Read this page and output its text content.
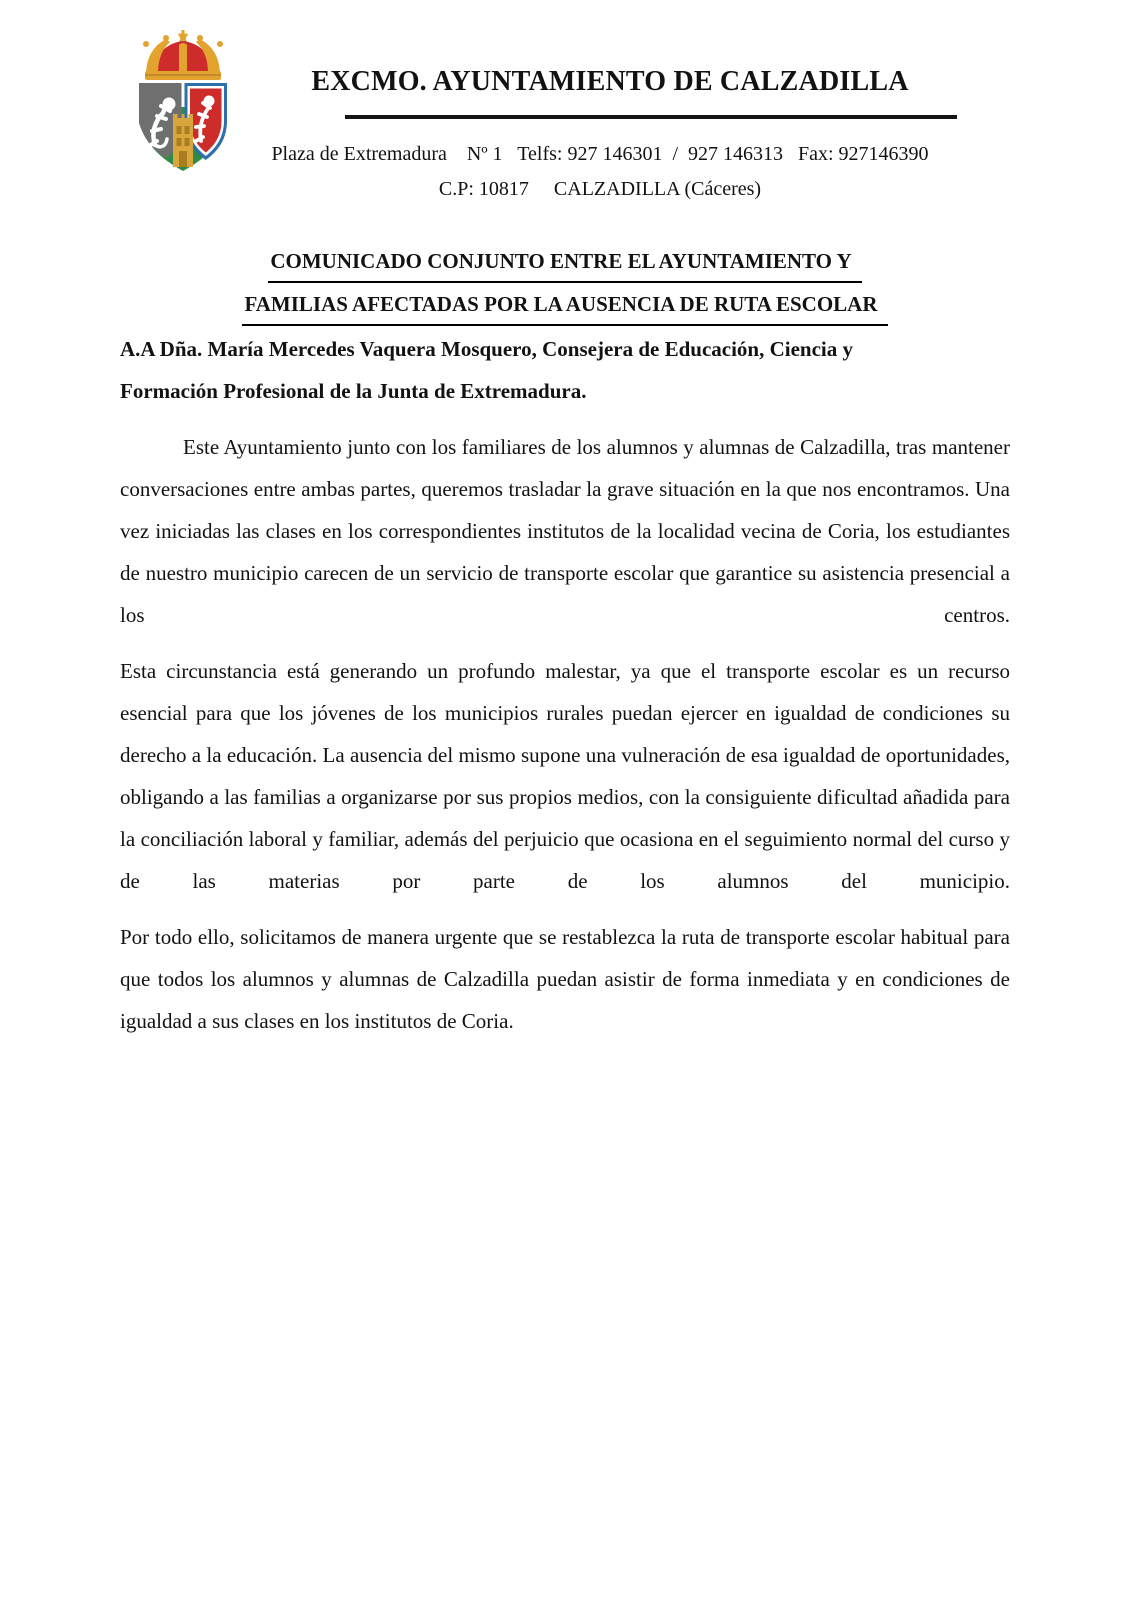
EXCMO. AYUNTAMIENTO DE CALZADILLA
Plaza de Extremadura    Nº 1   Telfs: 927 146301  /  927 146313   Fax: 927146390
C.P: 10817     CALZADILLA (Cáceres)
COMUNICADO CONJUNTO ENTRE EL AYUNTAMIENTO Y
FAMILIAS AFECTADAS POR LA AUSENCIA DE RUTA ESCOLAR
A.A Dña. María Mercedes Vaquera Mosquero, Consejera de Educación, Ciencia y Formación Profesional de la Junta de Extremadura.

Este Ayuntamiento junto con los familiares de los alumnos y alumnas de Calzadilla, tras mantener conversaciones entre ambas partes, queremos trasladar la grave situación en la que nos encontramos. Una vez iniciadas las clases en los correspondientes institutos de la localidad vecina de Coria, los estudiantes de nuestro municipio carecen de un servicio de transporte escolar que garantice su asistencia presencial a los centros.

Esta circunstancia está generando un profundo malestar, ya que el transporte escolar es un recurso esencial para que los jóvenes de los municipios rurales puedan ejercer en igualdad de condiciones su derecho a la educación. La ausencia del mismo supone una vulneración de esa igualdad de oportunidades, obligando a las familias a organizarse por sus propios medios, con la consiguiente dificultad añadida para la conciliación laboral y familiar, además del perjuicio que ocasiona en el seguimiento normal del curso y de las materias por parte de los alumnos del municipio.

Por todo ello, solicitamos de manera urgente que se restablezca la ruta de transporte escolar habitual para que todos los alumnos y alumnas de Calzadilla puedan asistir de forma inmediata y en condiciones de igualdad a sus clases en los institutos de Coria.
